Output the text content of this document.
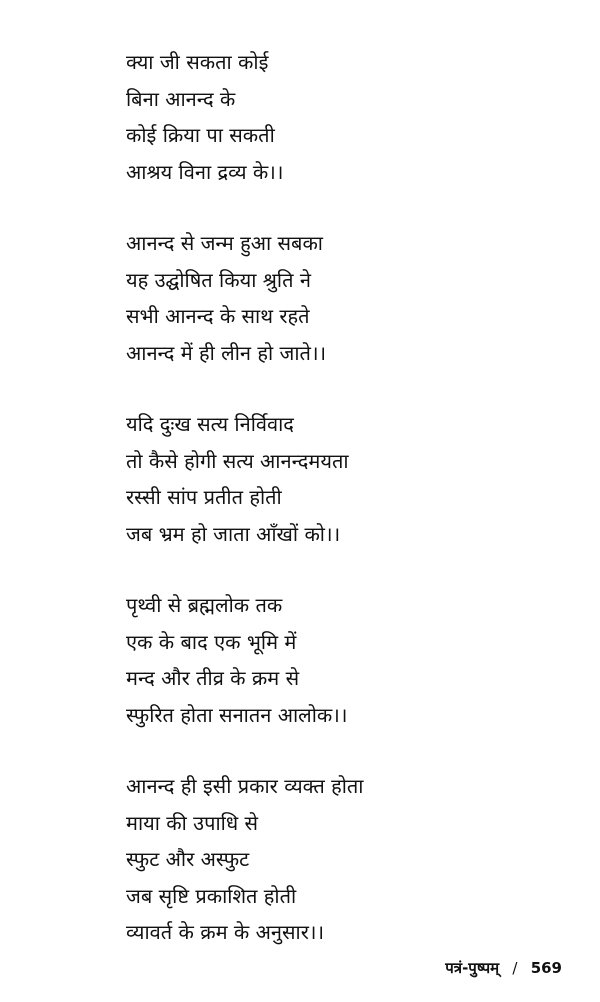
क्या जी सकता कोई
बिना आनन्द के
कोई क्रिया पा सकती
आश्रय विना द्रव्य के।।
आनन्द से जन्म हुआ सबका
यह उद्घोषित किया श्रुति ने
सभी आनन्द के साथ रहते
आनन्द में ही लीन हो जाते।।
यदि दुःख सत्य निर्विवाद
तो कैसे होगी सत्य आनन्दमयता
रस्सी सांप प्रतीत होती
जब भ्रम हो जाता आँखों को।।
पृथ्वी से ब्रह्मलोक तक
एक के बाद एक भूमि में
मन्द और तीव्र के क्रम से
स्फुरित होता सनातन आलोक।।
आनन्द ही इसी प्रकार व्यक्त होता
माया की उपाधि से
स्फुट और अस्फुट
जब सृष्टि प्रकाशित होती
व्यावर्त के क्रम के अनुसार।।
पत्रं-पुष्पम् / 569
